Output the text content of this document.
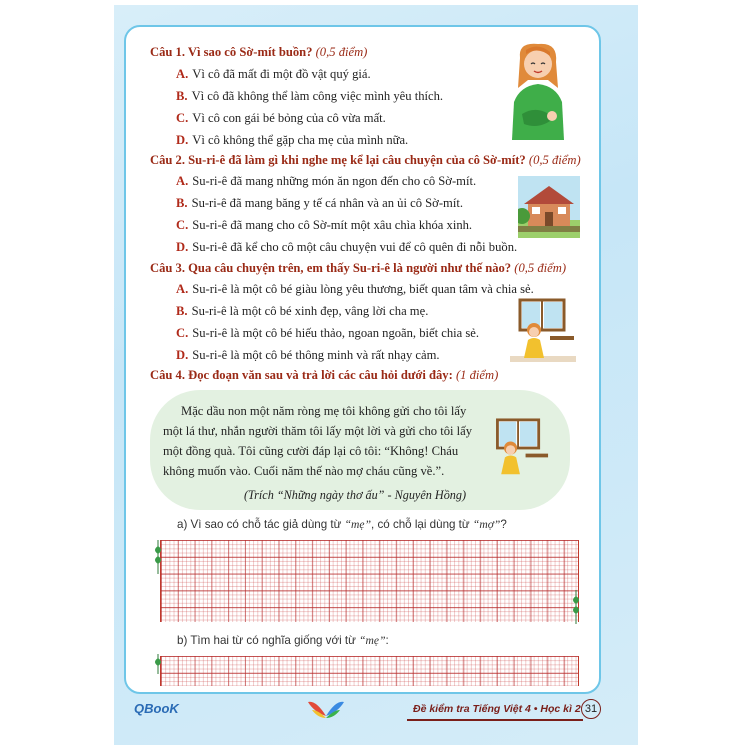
Câu 1. Vì sao cô Sờ-mít buồn? (0,5 điểm)
A. Vì cô đã mất đi một đồ vật quý giá.
B. Vì cô đã không thể làm công việc mình yêu thích.
C. Vì cô con gái bé bỏng của cô vừa mất.
D. Vì cô không thể gặp cha mẹ của mình nữa.
Câu 2. Su-ri-ê đã làm gì khi nghe mẹ kể lại câu chuyện của cô Sờ-mít? (0,5 điểm)
A. Su-ri-ê đã mang những món ăn ngon đến cho cô Sờ-mít.
B. Su-ri-ê đã mang băng y tế cá nhân và an ủi cô Sờ-mít.
C. Su-ri-ê đã mang cho cô Sờ-mít một xâu chìa khóa xinh.
D. Su-ri-ê đã kể cho cô một câu chuyện vui để cô quên đi nỗi buồn.
Câu 3. Qua câu chuyện trên, em thấy Su-ri-ê là người như thế nào? (0,5 điểm)
A. Su-ri-ê là một cô bé giàu lòng yêu thương, biết quan tâm và chia sẻ.
B. Su-ri-ê là một cô bé xinh đẹp, vâng lời cha mẹ.
C. Su-ri-ê là một cô bé hiếu thảo, ngoan ngoãn, biết chia sẻ.
D. Su-ri-ê là một cô bé thông minh và rất nhạy cảm.
Câu 4. Đọc đoạn văn sau và trả lời các câu hỏi dưới đây: (1 điểm)
Mặc dầu non một năm ròng mẹ tôi không gửi cho tôi lấy
một lá thư, nhắn người thăm tôi lấy một lời và gửi cho tôi lấy
một đồng quà. Tôi cũng cười đáp lại cô tôi: “Không! Cháu
không muốn vào. Cuối năm thế nào mợ cháu cũng về.”.
(Trích “Những ngày thơ ấu” - Nguyên Hồng)
a) Vì sao có chỗ tác giả dùng từ “mẹ”, có chỗ lại dùng từ “mợ”?
b) Tìm hai từ có nghĩa giống với từ “mẹ”:
QBooK	Đề kiểm tra Tiếng Việt 4 • Học kì 2 31
